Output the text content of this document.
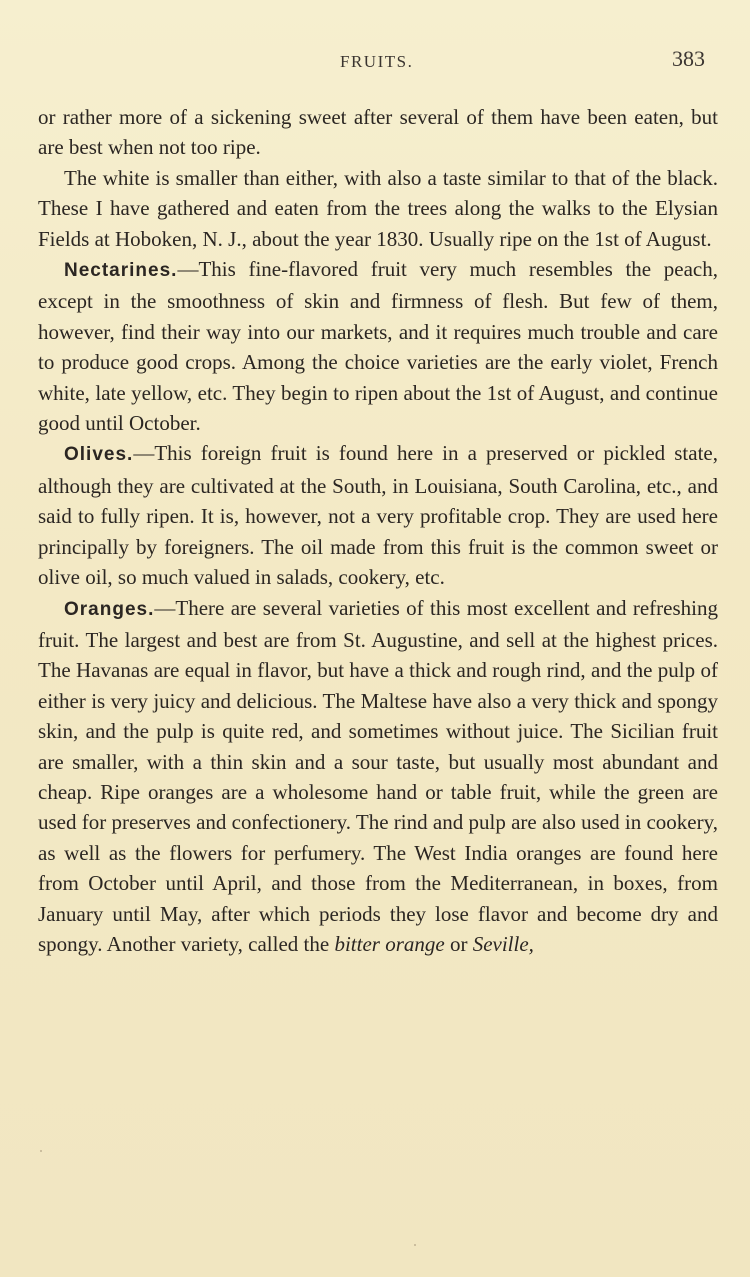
FRUITS.	383

or rather more of a sickening sweet after several of them have been eaten, but are best when not too ripe.

The white is smaller than either, with also a taste similar to that of the black. These I have gathered and eaten from the trees along the walks to the Elysian Fields at Hoboken, N. J., about the year 1830. Usually ripe on the 1st of August.

Nectarines.—This fine-flavored fruit very much resembles the peach, except in the smoothness of skin and firmness of flesh. But few of them, however, find their way into our markets, and it requires much trouble and care to produce good crops. Among the choice varieties are the early violet, French white, late yellow, etc. They begin to ripen about the 1st of August, and continue good until October.

Olives.—This foreign fruit is found here in a preserved or pickled state, although they are cultivated at the South, in Louisiana, South Carolina, etc., and said to fully ripen. It is, however, not a very profitable crop. They are used here principally by foreigners. The oil made from this fruit is the common sweet or olive oil, so much valued in salads, cookery, etc.

Oranges.—There are several varieties of this most excellent and refreshing fruit. The largest and best are from St. Augustine, and sell at the highest prices. The Havanas are equal in flavor, but have a thick and rough rind, and the pulp of either is very juicy and delicious. The Maltese have also a very thick and spongy skin, and the pulp is quite red, and sometimes without juice. The Sicilian fruit are smaller, with a thin skin and a sour taste, but usually most abundant and cheap. Ripe oranges are a wholesome hand or table fruit, while the green are used for preserves and confectionery. The rind and pulp are also used in cookery, as well as the flowers for perfumery. The West India oranges are found here from October until April, and those from the Mediterranean, in boxes, from January until May, after which periods they lose flavor and become dry and spongy. Another variety, called the bitter orange or Seville,
